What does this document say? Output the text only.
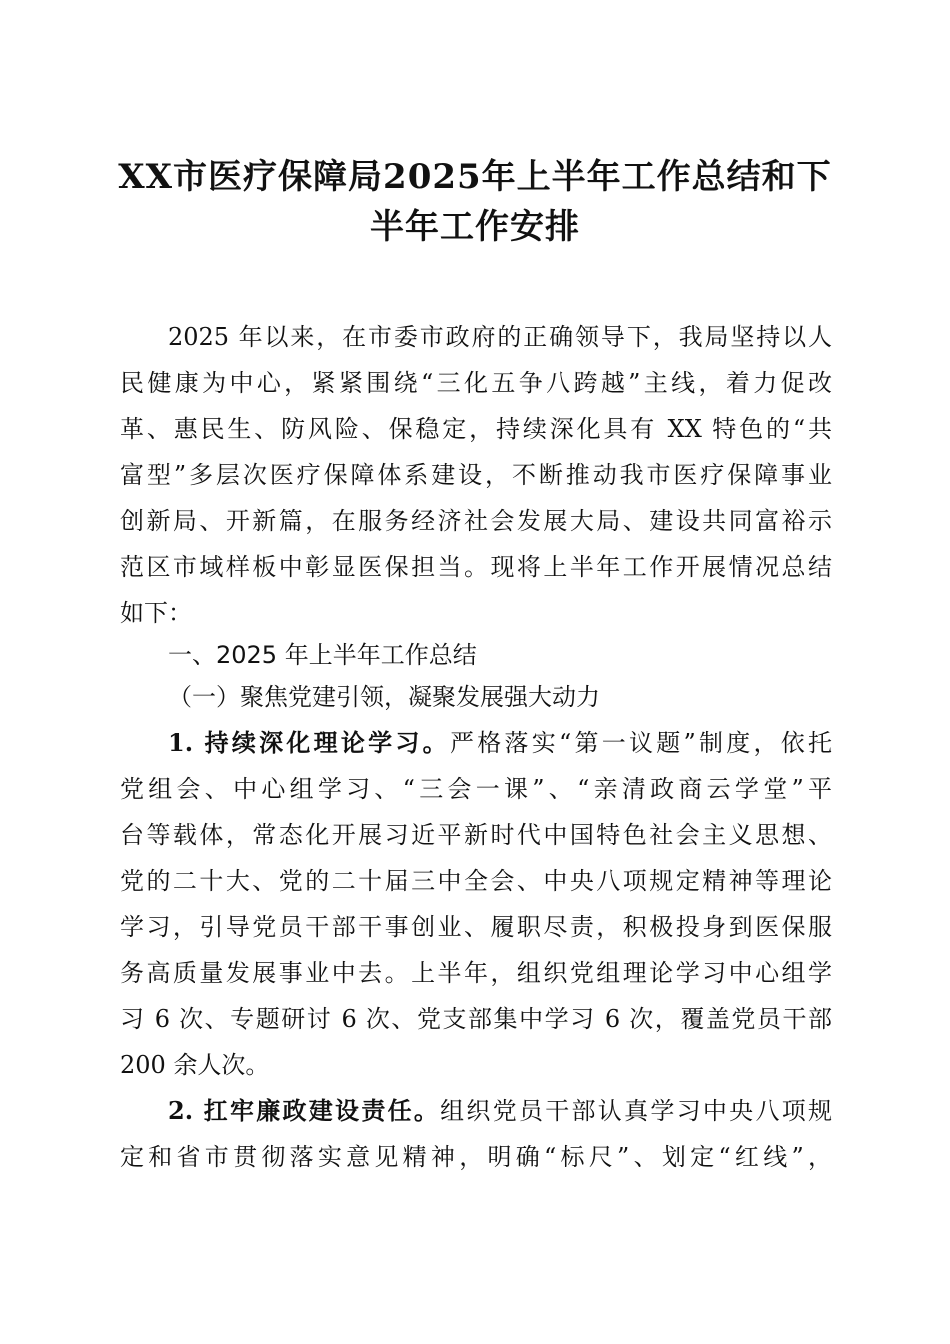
XX市医疗保障局2025年上半年工作总结和下
半年工作安排

2025 年以来，在市委市政府的正确领导下，我局坚持以人

民健康为中心，紧紧围绕“三化五争八跨越”主线，着力促改

革、惠民生、防风险、保稳定，持续深化具有 XX 特色的“共

富型”多层次医疗保障体系建设，不断推动我市医疗保障事业

创新局、开新篇，在服务经济社会发展大局、建设共同富裕示

范区市域样板中彰显医保担当。现将上半年工作开展情况总结

如下：

一、2025 年上半年工作总结

（一）聚焦党建引领，凝聚发展强大动力

1. 持续深化理论学习。严格落实“第一议题”制度，依托

党组会、中心组学习、“三会一课”、“亲清政商云学堂”平

台等载体，常态化开展习近平新时代中国特色社会主义思想、

党的二十大、党的二十届三中全会、中央八项规定精神等理论

学习，引导党员干部干事创业、履职尽责，积极投身到医保服

务高质量发展事业中去。上半年，组织党组理论学习中心组学

习 6 次、专题研讨 6 次、党支部集中学习 6 次，覆盖党员干部

200 余人次。

2. 扛牢廉政建设责任。组织党员干部认真学习中央八项规

定和省市贯彻落实意见精神，明确“标尺”、划定“红线”，
